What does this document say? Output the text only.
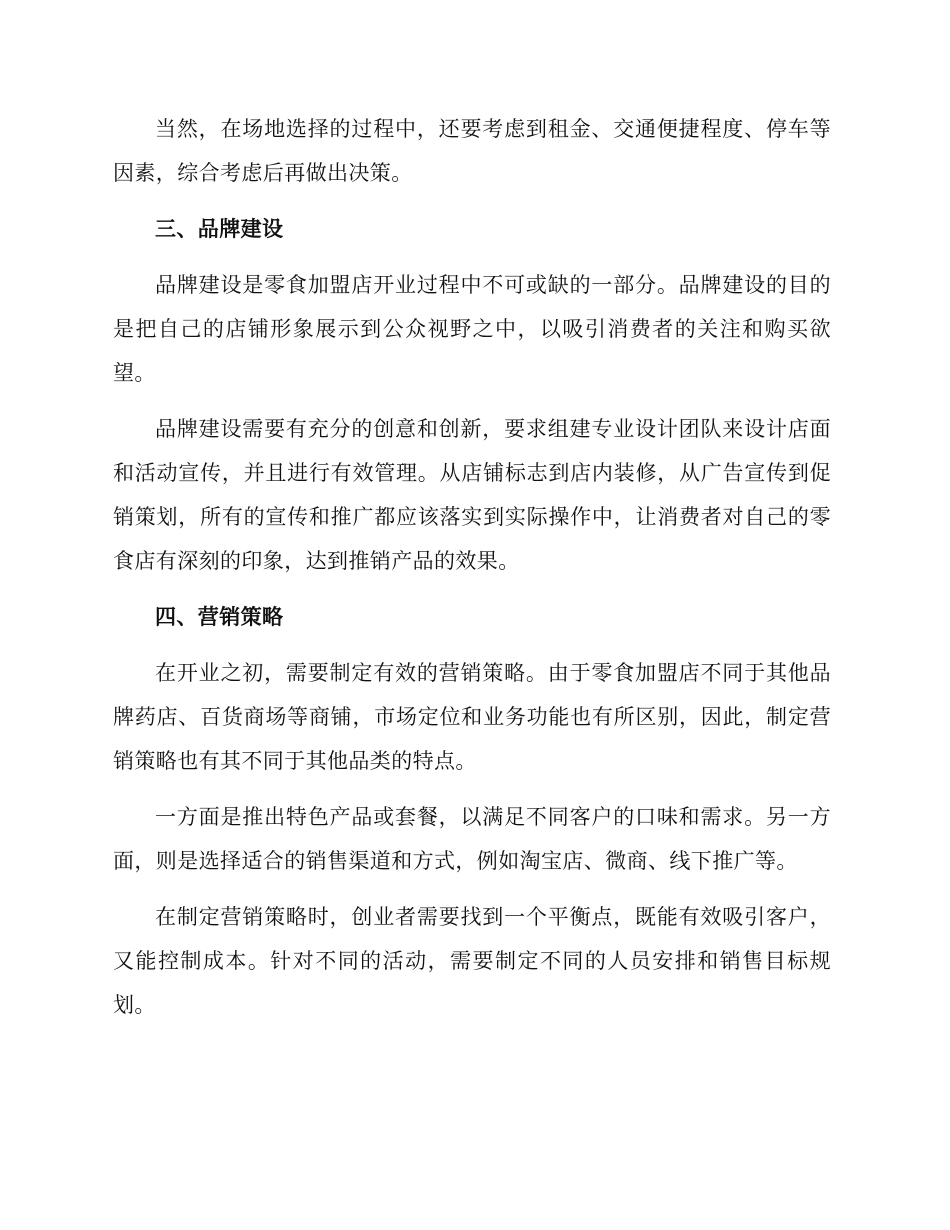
当然，在场地选择的过程中，还要考虑到租金、交通便捷程度、停车等因素，综合考虑后再做出决策。

三、品牌建设

品牌建设是零食加盟店开业过程中不可或缺的一部分。品牌建设的目的是把自己的店铺形象展示到公众视野之中，以吸引消费者的关注和购买欲望。

品牌建设需要有充分的创意和创新，要求组建专业设计团队来设计店面和活动宣传，并且进行有效管理。从店铺标志到店内装修，从广告宣传到促销策划，所有的宣传和推广都应该落实到实际操作中，让消费者对自己的零食店有深刻的印象，达到推销产品的效果。

四、营销策略

在开业之初，需要制定有效的营销策略。由于零食加盟店不同于其他品牌药店、百货商场等商铺，市场定位和业务功能也有所区别，因此，制定营销策略也有其不同于其他品类的特点。

一方面是推出特色产品或套餐，以满足不同客户的口味和需求。另一方面，则是选择适合的销售渠道和方式，例如淘宝店、微商、线下推广等。

在制定营销策略时，创业者需要找到一个平衡点，既能有效吸引客户，又能控制成本。针对不同的活动，需要制定不同的人员安排和销售目标规划。
